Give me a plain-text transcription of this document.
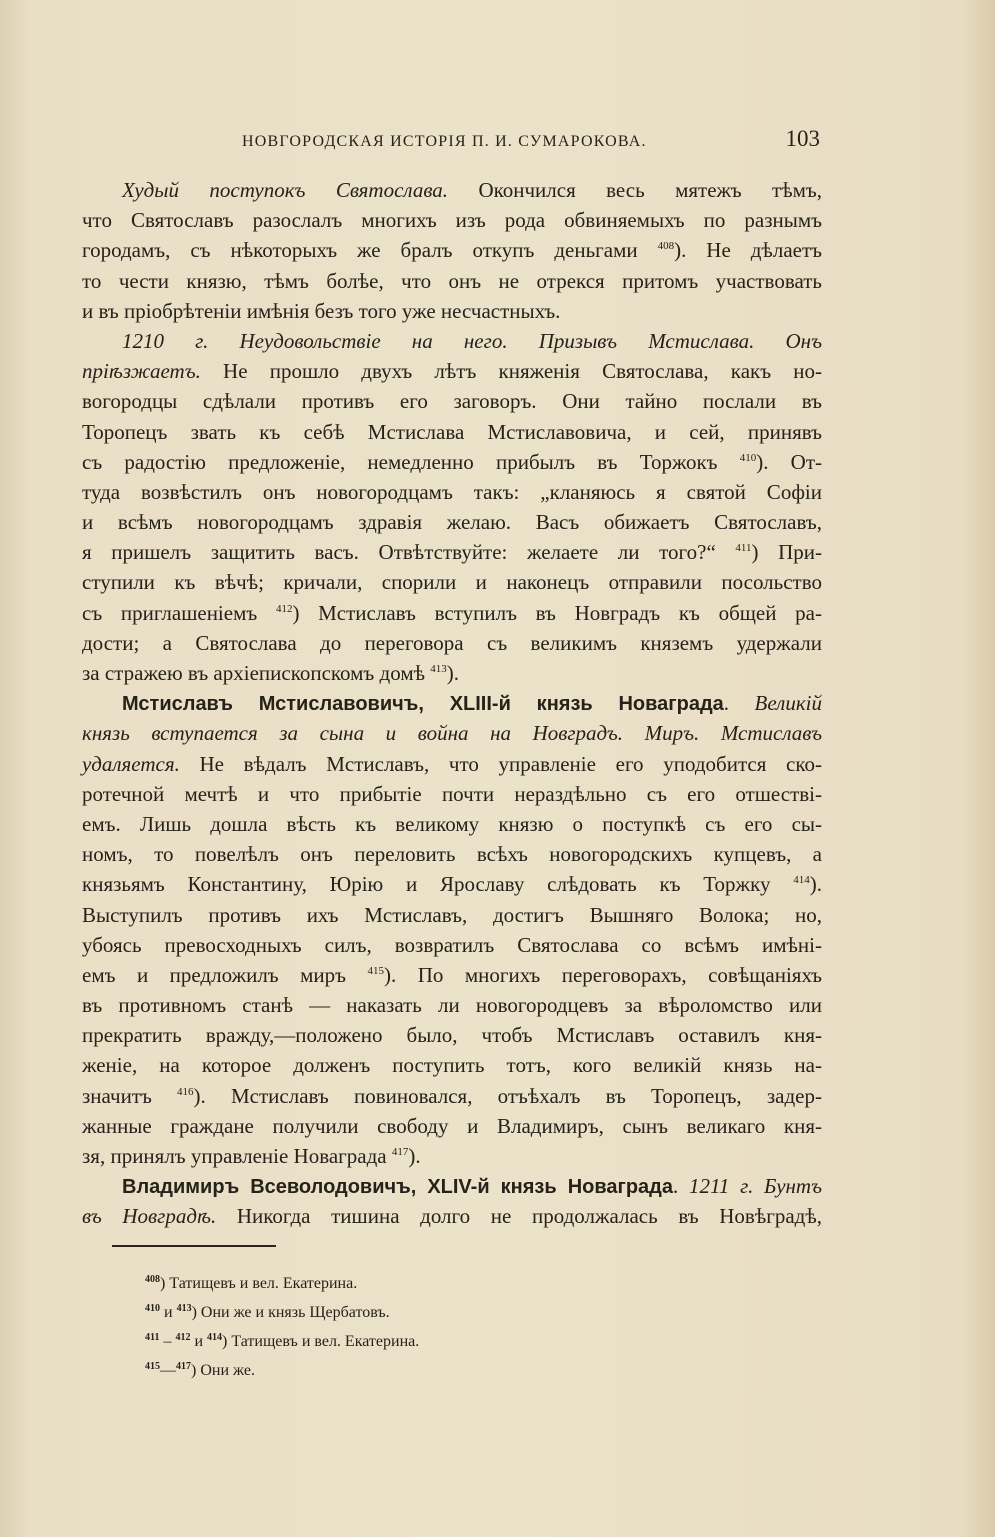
НОВГОРОДСКАЯ ИСТОРІЯ П. И. СУМАРОКОВА.	103
Худый поступокъ Святослава. Окончился весь мятежъ тѣмъ,
что Святославъ разослалъ многихъ изъ рода обвиняемыхъ по разнымъ
городамъ, съ нѣкоторыхъ же бралъ откупъ деньгами $^{408}$). Не дѣлаетъ
то чести князю, тѣмъ болѣе, что онъ не отрекся притомъ участвовать
и въ пріобрѣтеніи имѣнія безъ того уже несчастныхъ.
1210 г. Неудовольствіе на него. Призывъ Мстислава. Онъ
пріѣзжаетъ. Не прошло двухъ лѣтъ княженія Святослава, какъ но-
вогородцы сдѣлали противъ его заговоръ. Они тайно послали въ
Торопецъ звать къ себѣ Мстислава Мстиславовича, и сей, принявъ
съ радостію предложеніе, немедленно прибылъ въ Торжокъ $^{410}$). От-
туда возвѣстилъ онъ новогородцамъ такъ: „кланяюсь я святой Софіи
и всѣмъ новогородцамъ здравія желаю. Васъ обижаетъ Святославъ,
я пришелъ защитить васъ. Отвѣтствуйте: желаете ли того?“ $^{411}$) При-
ступили къ вѣчѣ; кричали, спорили и наконецъ отправили посольство
съ приглашеніемъ $^{412}$) Мстиславъ вступилъ въ Новградъ къ общей ра-
дости; а Святослава до переговора съ великимъ княземъ удержали
за стражею въ архіепископскомъ домѣ $^{413}$).
Мстиславъ Мстиславовичъ, XLIII-й князь Новаграда. Великій
князь вступается за сына и война на Новградъ. Миръ. Мстиславъ
удаляется. Не вѣдалъ Мстиславъ, что управленіе его уподобится ско-
ротечной мечтѣ и что прибытіе почти нераздѣльно съ его отшестві-
емъ. Лишь дошла вѣсть къ великому князю о поступкѣ съ его сы-
номъ, то повелѣлъ онъ переловить всѣхъ новогородскихъ купцевъ, а
князьямъ Константину, Юрію и Ярославу слѣдовать къ Торжку $^{414}$).
Выступилъ противъ ихъ Мстиславъ, достигъ Вышняго Волока; но,
убоясь превосходныхъ силъ, возвратилъ Святослава со всѣмъ имѣні-
емъ и предложилъ миръ $^{415}$). По многихъ переговорахъ, совѣщаніяхъ
въ противномъ станѣ — наказать ли новогородцевъ за вѣроломство или
прекратить вражду,—положено было, чтобъ Мстиславъ оставилъ кня-
женіе, на которое долженъ поступить тотъ, кого великій князь на-
значитъ $^{416}$). Мстиславъ повиновался, отъѣхалъ въ Торопецъ, задер-
жанные граждане получили свободу и Владимиръ, сынъ великаго кня-
зя, принялъ управленіе Новаграда $^{417}$).
Владимиръ Всеволодовичъ, XLIV-й князь Новаграда. 1211 г. Бунтъ
въ Новградѣ. Никогда тишина долго не продолжалась въ Новѣградѣ,
$^{408}$) Татищевъ и вел. Екатерина.
$^{410}$ и $^{413}$) Они же и князь Щербатовъ.
$^{411}$ – $^{412}$ и $^{414}$) Татищевъ и вел. Екатерина.
$^{415}$—$^{417}$) Они же.
